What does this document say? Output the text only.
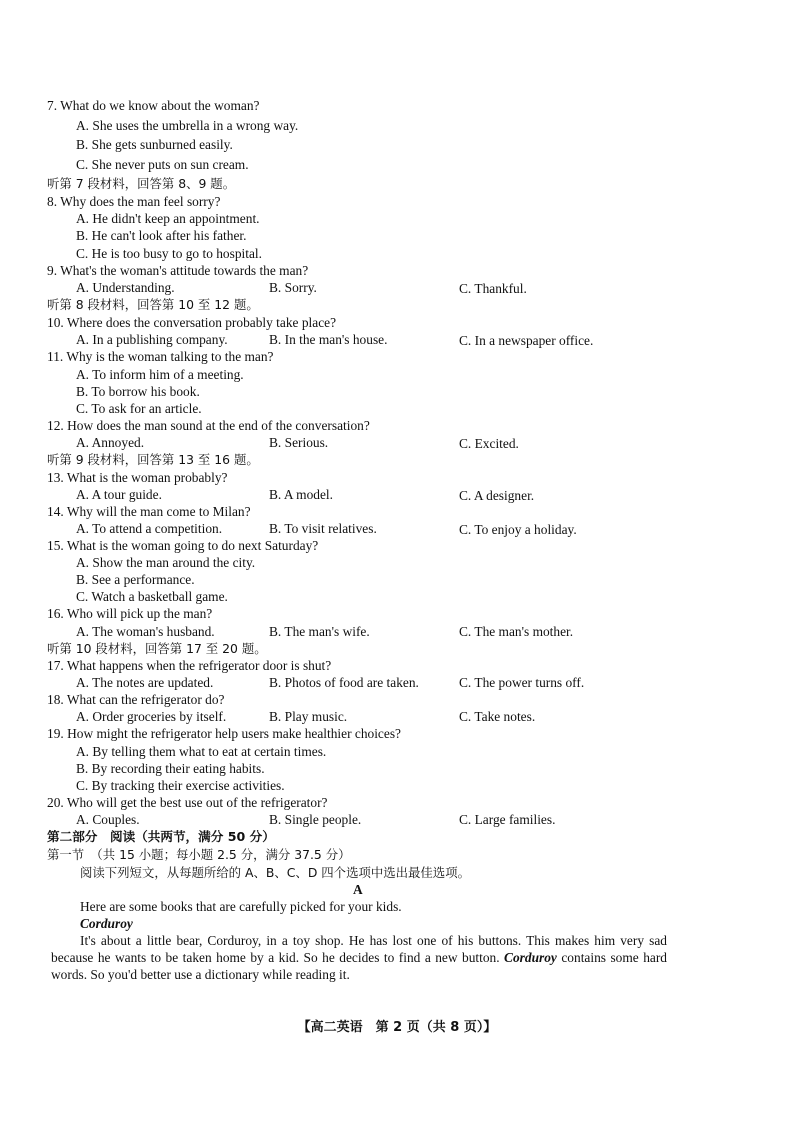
7. What do we know about the woman?
A. She uses the umbrella in a wrong way.
B. She gets sunburned easily.
C. She never puts on sun cream.
听第 7 段材料，回答第 8、9 题。
8. Why does the man feel sorry?
A. He didn't keep an appointment.
B. He can't look after his father.
C. He is too busy to go to hospital.
9. What's the woman's attitude towards the man?
A. Understanding.	B. Sorry.	C. Thankful.
听第 8 段材料，回答第 10 至 12 题。
10. Where does the conversation probably take place?
A. In a publishing company.	B. In the man's house.	C. In a newspaper office.
11. Why is the woman talking to the man?
A. To inform him of a meeting.
B. To borrow his book.
C. To ask for an article.
12. How does the man sound at the end of the conversation?
A. Annoyed.	B. Serious.	C. Excited.
听第 9 段材料，回答第 13 至 16 题。
13. What is the woman probably?
A. A tour guide.	B. A model.	C. A designer.
14. Why will the man come to Milan?
A. To attend a competition.	B. To visit relatives.	C. To enjoy a holiday.
15. What is the woman going to do next Saturday?
A. Show the man around the city.
B. See a performance.
C. Watch a basketball game.
16. Who will pick up the man?
A. The woman's husband.	B. The man's wife.	C. The man's mother.
听第 10 段材料，回答第 17 至 20 题。
17. What happens when the refrigerator door is shut?
A. The notes are updated.	B. Photos of food are taken.	C. The power turns off.
18. What can the refrigerator do?
A. Order groceries by itself.	B. Play music.	C. Take notes.
19. How might the refrigerator help users make healthier choices?
A. By telling them what to eat at certain times.
B. By recording their eating habits.
C. By tracking their exercise activities.
20. Who will get the best use out of the refrigerator?
A. Couples.	B. Single people.	C. Large families.
第二部分　阅读（共两节，满分 50 分）
第一节　（共 15 小题；每小题 2.5 分，满分 37.5 分）
阅读下列短文，从每题所给的 A、B、C、D 四个选项中选出最佳选项。
A
Here are some books that are carefully picked for your kids.
Corduroy
It's about a little bear, Corduroy, in a toy shop. He has lost one of his buttons. This makes him very sad because he wants to be taken home by a kid. So he decides to find a new button. Corduroy contains some hard words. So you'd better use a dictionary while reading it.
【高二英语　第 2 页（共 8 页）】
